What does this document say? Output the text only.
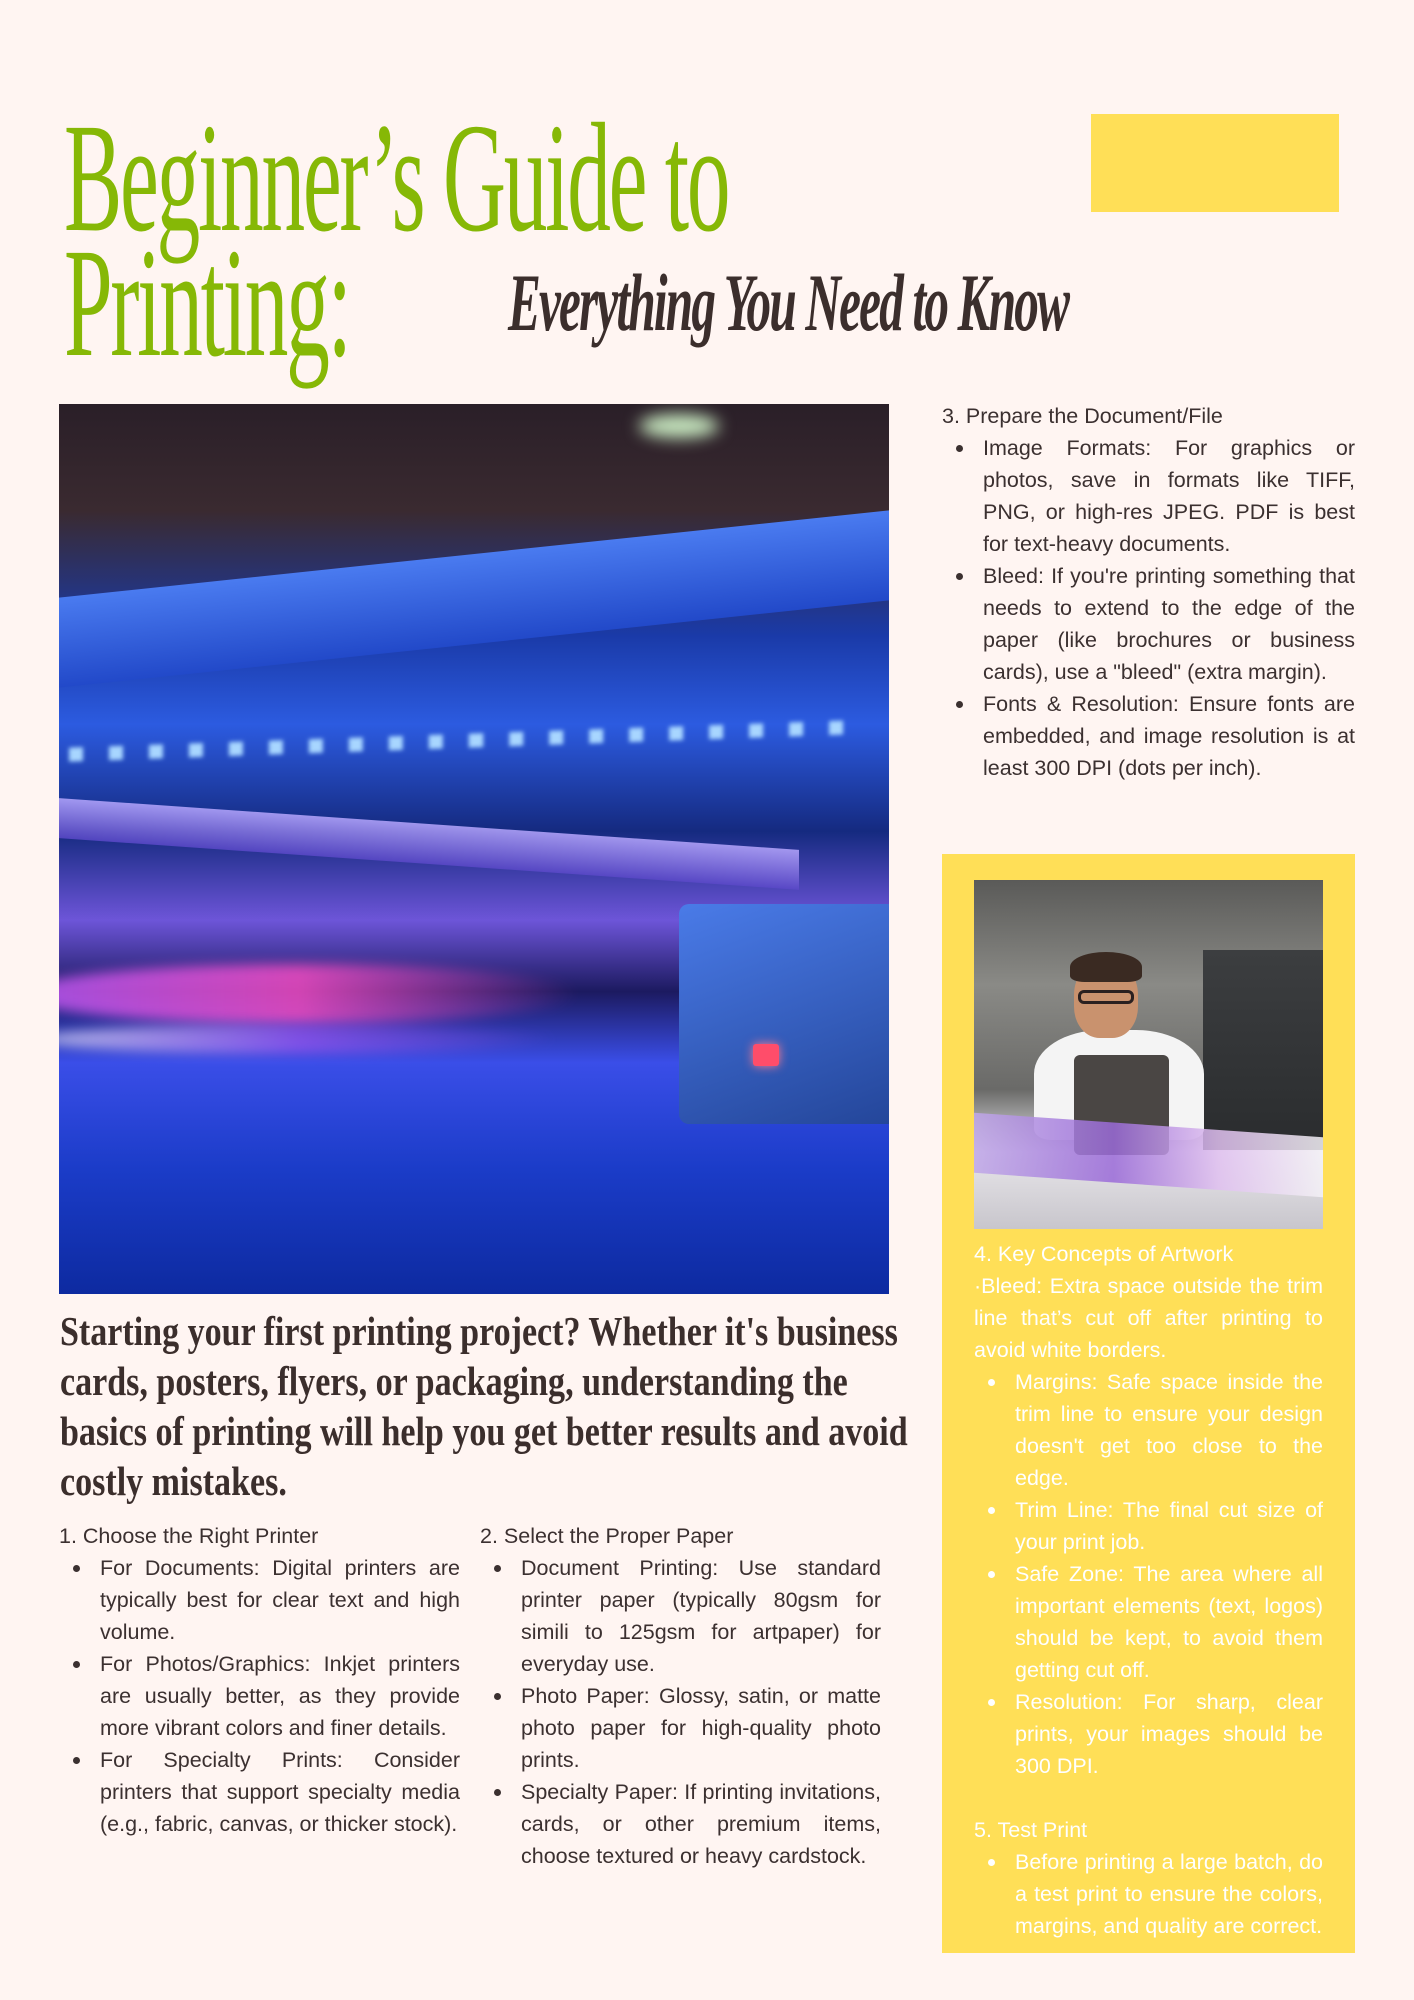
Beginner’s Guide to
Printing: Everything You Need to Know

Starting your first printing project? Whether it's business cards, posters, flyers, or packaging, understanding the basics of printing will help you get better results and avoid costly mistakes.

1. Choose the Right Printer
For Documents: Digital printers are typically best for clear text and high volume.
For Photos/Graphics: Inkjet printers are usually better, as they provide more vibrant colors and finer details.
For Specialty Prints: Consider printers that support specialty media (e.g., fabric, canvas, or thicker stock).
2. Select the Proper Paper
Document Printing: Use standard printer paper (typically 80gsm for simili to 125gsm for artpaper) for everyday use.
Photo Paper: Glossy, satin, or matte photo paper for high-quality photo prints.
Specialty Paper: If printing invitations, cards, or other premium items, choose textured or heavy cardstock.
3. Prepare the Document/File
Image Formats: For graphics or photos, save in formats like TIFF, PNG, or high-res JPEG. PDF is best for text-heavy documents.
Bleed: If you're printing something that needs to extend to the edge of the paper (like brochures or business cards), use a "bleed" (extra margin).
Fonts & Resolution: Ensure fonts are embedded, and image resolution is at least 300 DPI (dots per inch).
4. Key Concepts of Artwork

·Bleed: Extra space outside the trim line that’s cut off after printing to avoid white borders.

Margins: Safe space inside the trim line to ensure your design doesn't get too close to the edge.
Trim Line: The final cut size of your print job.
Safe Zone: The area where all important elements (text, logos) should be kept, to avoid them getting cut off.
Resolution: For sharp, clear prints, your images should be 300 DPI.
5. Test Print
Before printing a large batch, do a test print to ensure the colors, margins, and quality are correct.
